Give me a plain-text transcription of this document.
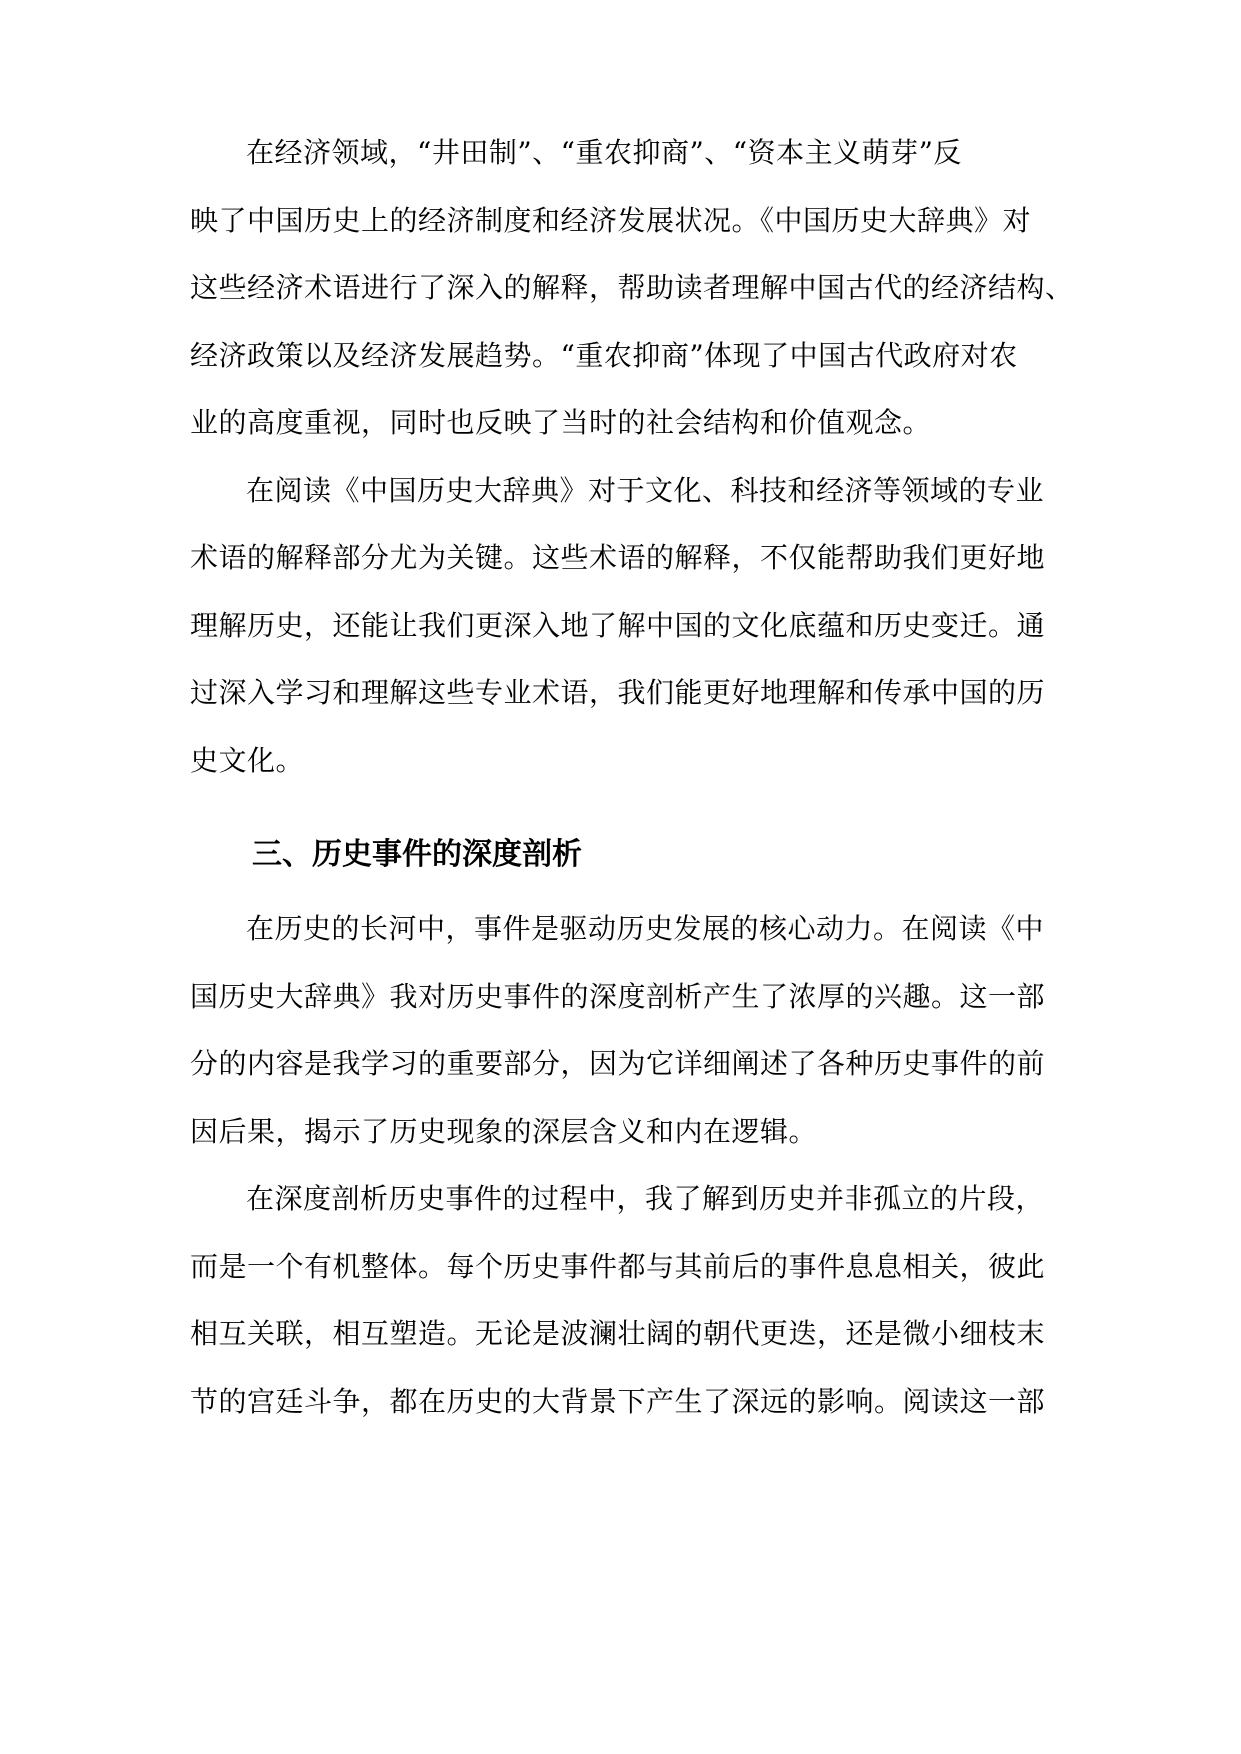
在经济领域，“井田制”、“重农抑商”、“资本主义萌芽”反
映了中国历史上的经济制度和经济发展状况。《中国历史大辞典》对
这些经济术语进行了深入的解释，帮助读者理解中国古代的经济结构、
经济政策以及经济发展趋势。“重农抑商”体现了中国古代政府对农
业的高度重视，同时也反映了当时的社会结构和价值观念。
在阅读《中国历史大辞典》对于文化、科技和经济等领域的专业
术语的解释部分尤为关键。这些术语的解释，不仅能帮助我们更好地
理解历史，还能让我们更深入地了解中国的文化底蕴和历史变迁。通
过深入学习和理解这些专业术语，我们能更好地理解和传承中国的历
史文化。
三、历史事件的深度剖析
在历史的长河中，事件是驱动历史发展的核心动力。在阅读《中
国历史大辞典》我对历史事件的深度剖析产生了浓厚的兴趣。这一部
分的内容是我学习的重要部分，因为它详细阐述了各种历史事件的前
因后果，揭示了历史现象的深层含义和内在逻辑。
在深度剖析历史事件的过程中，我了解到历史并非孤立的片段，
而是一个有机整体。每个历史事件都与其前后的事件息息相关，彼此
相互关联，相互塑造。无论是波澜壮阔的朝代更迭，还是微小细枝末
节的宫廷斗争，都在历史的大背景下产生了深远的影响。阅读这一部
